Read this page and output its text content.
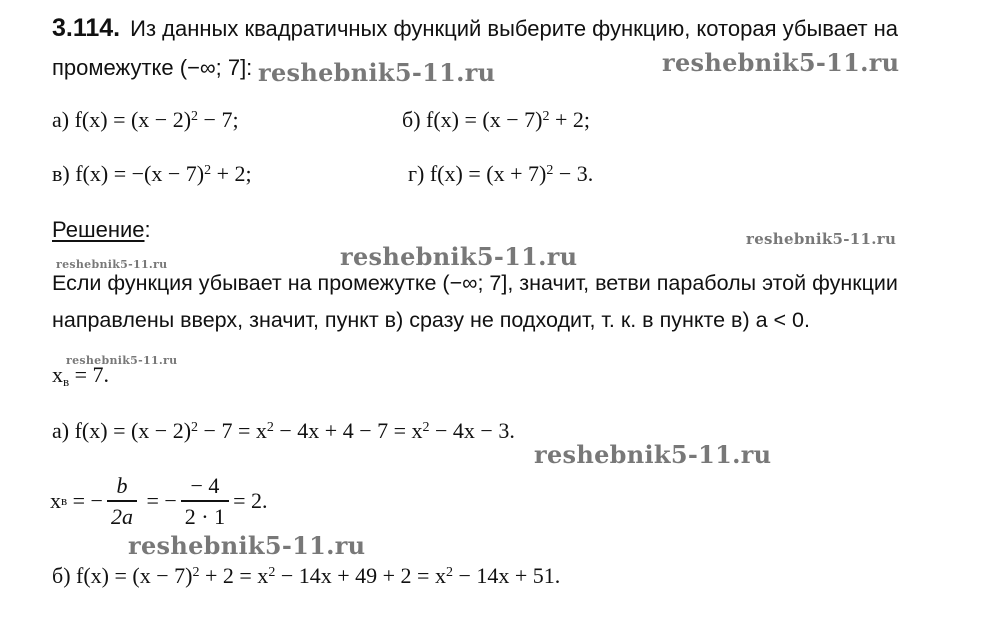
3.114. Из данных квадратичных функций выберите функцию, которая убывает на
промежутке (−∞; 7]:
а) $f(x) = (x - 2)^2 - 7$;	б) $f(x) = (x - 7)^2 + 2$;
в) $f(x) = -(x - 7)^2 + 2$;	г) $f(x) = (x + 7)^2 - 3$.
Решение:
Если функция убывает на промежутке (−∞; 7], значит, ветви параболы этой функции
направлены вверх, значит, пункт в) сразу не подходит, т. к. в пункте в) a < 0.
$x_в = 7$.
а) $f(x) = (x - 2)^2 - 7 = x^2 - 4x + 4 - 7 = x^2 - 4x - 3$.
x в = − $\frac{b}{2a}$ = − $\frac{- 4}{2 \cdot 1} = 2$.
б) $f(x) = (x - 7)^2 + 2 = x^2 - 14x + 49 + 2 = x^2 - 14x + 51$.
reshebnik5-11.ru	reshebnik5-11.ru
reshebnik5-11.ru
reshebnik5-11.ru
reshebnik5-11.ru
reshebnik5-11.ru
reshebnik5-11.ru
reshebnik5-11.ru
